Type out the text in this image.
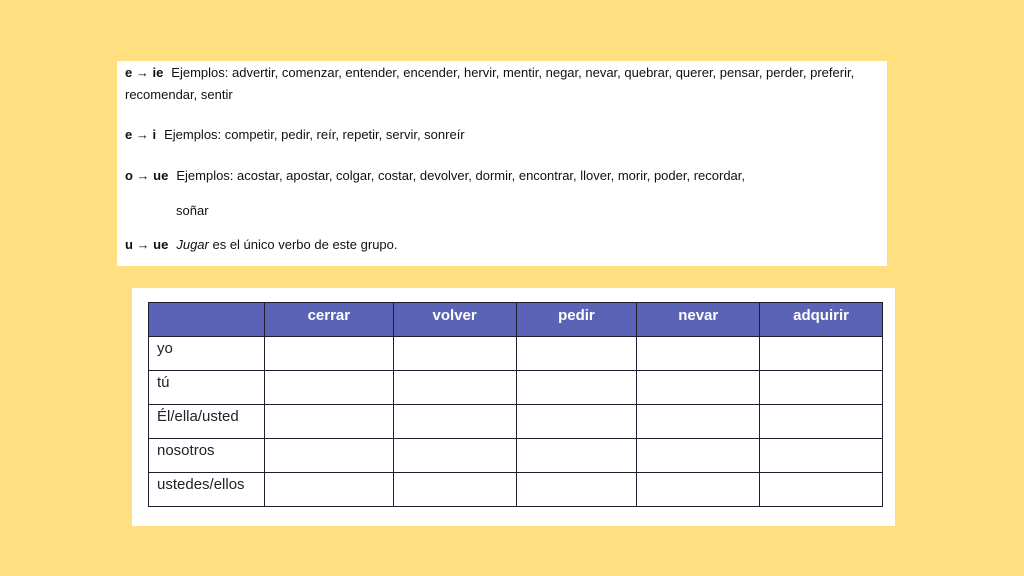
e → ie Ejemplos: advertir, comenzar, entender, encender, hervir, mentir, negar, nevar, quebrar, querer, pensar, perder, preferir, recomendar, sentir
e → i Ejemplos: competir, pedir, reír, repetir, servir, sonreír
o → ue Ejemplos: acostar, apostar, colgar, costar, devolver, dormir, encontrar, llover, morir, poder, recordar,
soñar
u → ue Jugar es el único verbo de este grupo.
	cerrar	volver	pedir	nevar	adquirir
yo					
tú					
Él/ella/usted					
nosotros					
ustedes/ellos					
